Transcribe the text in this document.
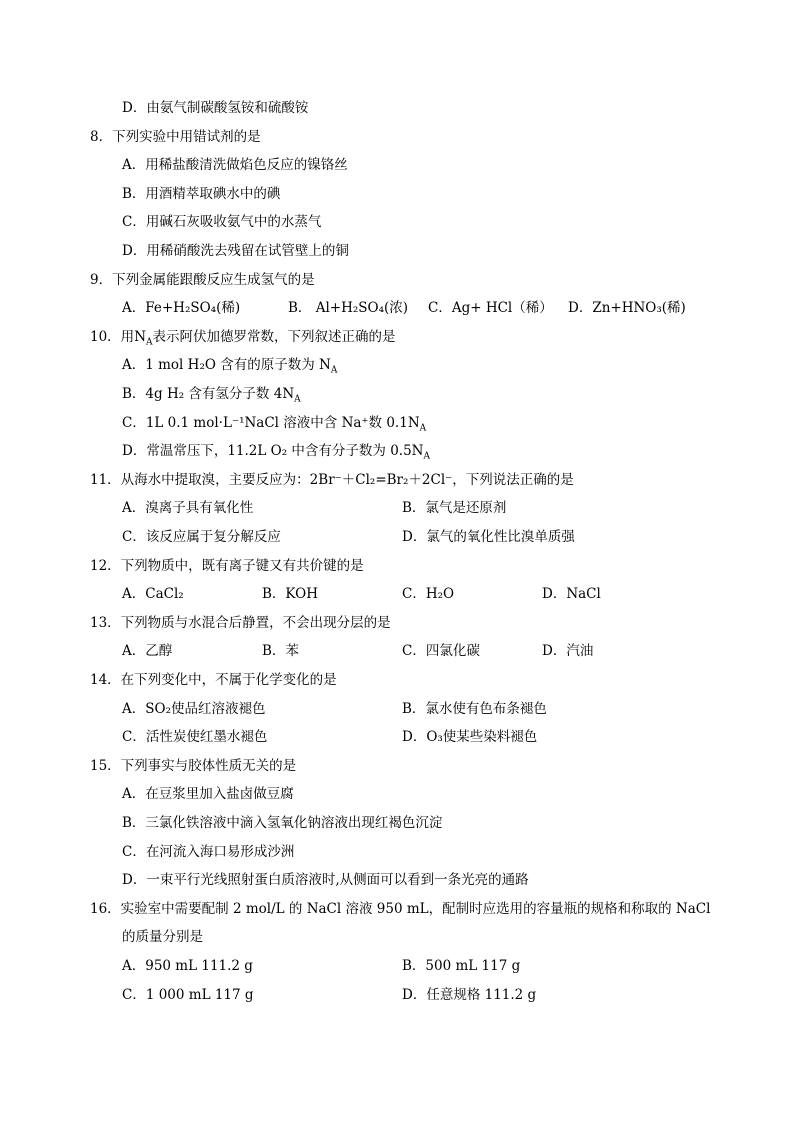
D．由氨气制碳酸氢铵和硫酸铵
8．下列实验中用错试剂的是
A．用稀盐酸清洗做焰色反应的镍铬丝
B．用酒精萃取碘水中的碘
C．用碱石灰吸收氨气中的水蒸气
D．用稀硝酸洗去残留在试管壁上的铜
9．下列金属能跟酸反应生成氢气的是
A．Fe+H₂SO₄(稀)	B． Al+H₂SO₄(浓) C．Ag+ HCl（稀） D．Zn+HNO₃(稀)
10．用$N_A$表示阿伏加德罗常数，下列叙述正确的是
A．1 mol H₂O 含有的原子数为 $N_A$
B．4g H₂ 含有氢分子数 $4N_A$
C．1L 0.1 mol·L⁻¹NaCl 溶液中含 Na⁺数 $0.1N_A$
D．常温常压下，11.2L O₂ 中含有分子数为 $0.5N_A$
11．从海水中提取溴，主要反应为：2Br⁻＋Cl₂=Br₂＋2Cl⁻，下列说法正确的是
A．溴离子具有氧化性	B．氯气是还原剂
C．该反应属于复分解反应	D．氯气的氧化性比溴单质强
12．下列物质中，既有离子键又有共价键的是
A．CaCl₂	B．KOH	C．H₂O	D．NaCl
13．下列物质与水混合后静置，不会出现分层的是
A．乙醇	B．苯	C．四氯化碳	D．汽油
14．在下列变化中，不属于化学变化的是
A．SO₂使品红溶液褪色	B．氯水使有色布条褪色
C．活性炭使红墨水褪色	D．O₃使某些染料褪色
15．下列事实与胶体性质无关的是
A．在豆浆里加入盐卤做豆腐
B．三氯化铁溶液中滴入氢氧化钠溶液出现红褐色沉淀
C．在河流入海口易形成沙洲
D．一束平行光线照射蛋白质溶液时,从侧面可以看到一条光亮的通路
16．实验室中需要配制 2 mol/L 的 NaCl 溶液 950 mL，配制时应选用的容量瓶的规格和称取的 NaCl
的质量分别是
A．950 mL 111.2 g	B．500 mL 117 g
C．1 000 mL 117 g	D．任意规格 111.2 g
